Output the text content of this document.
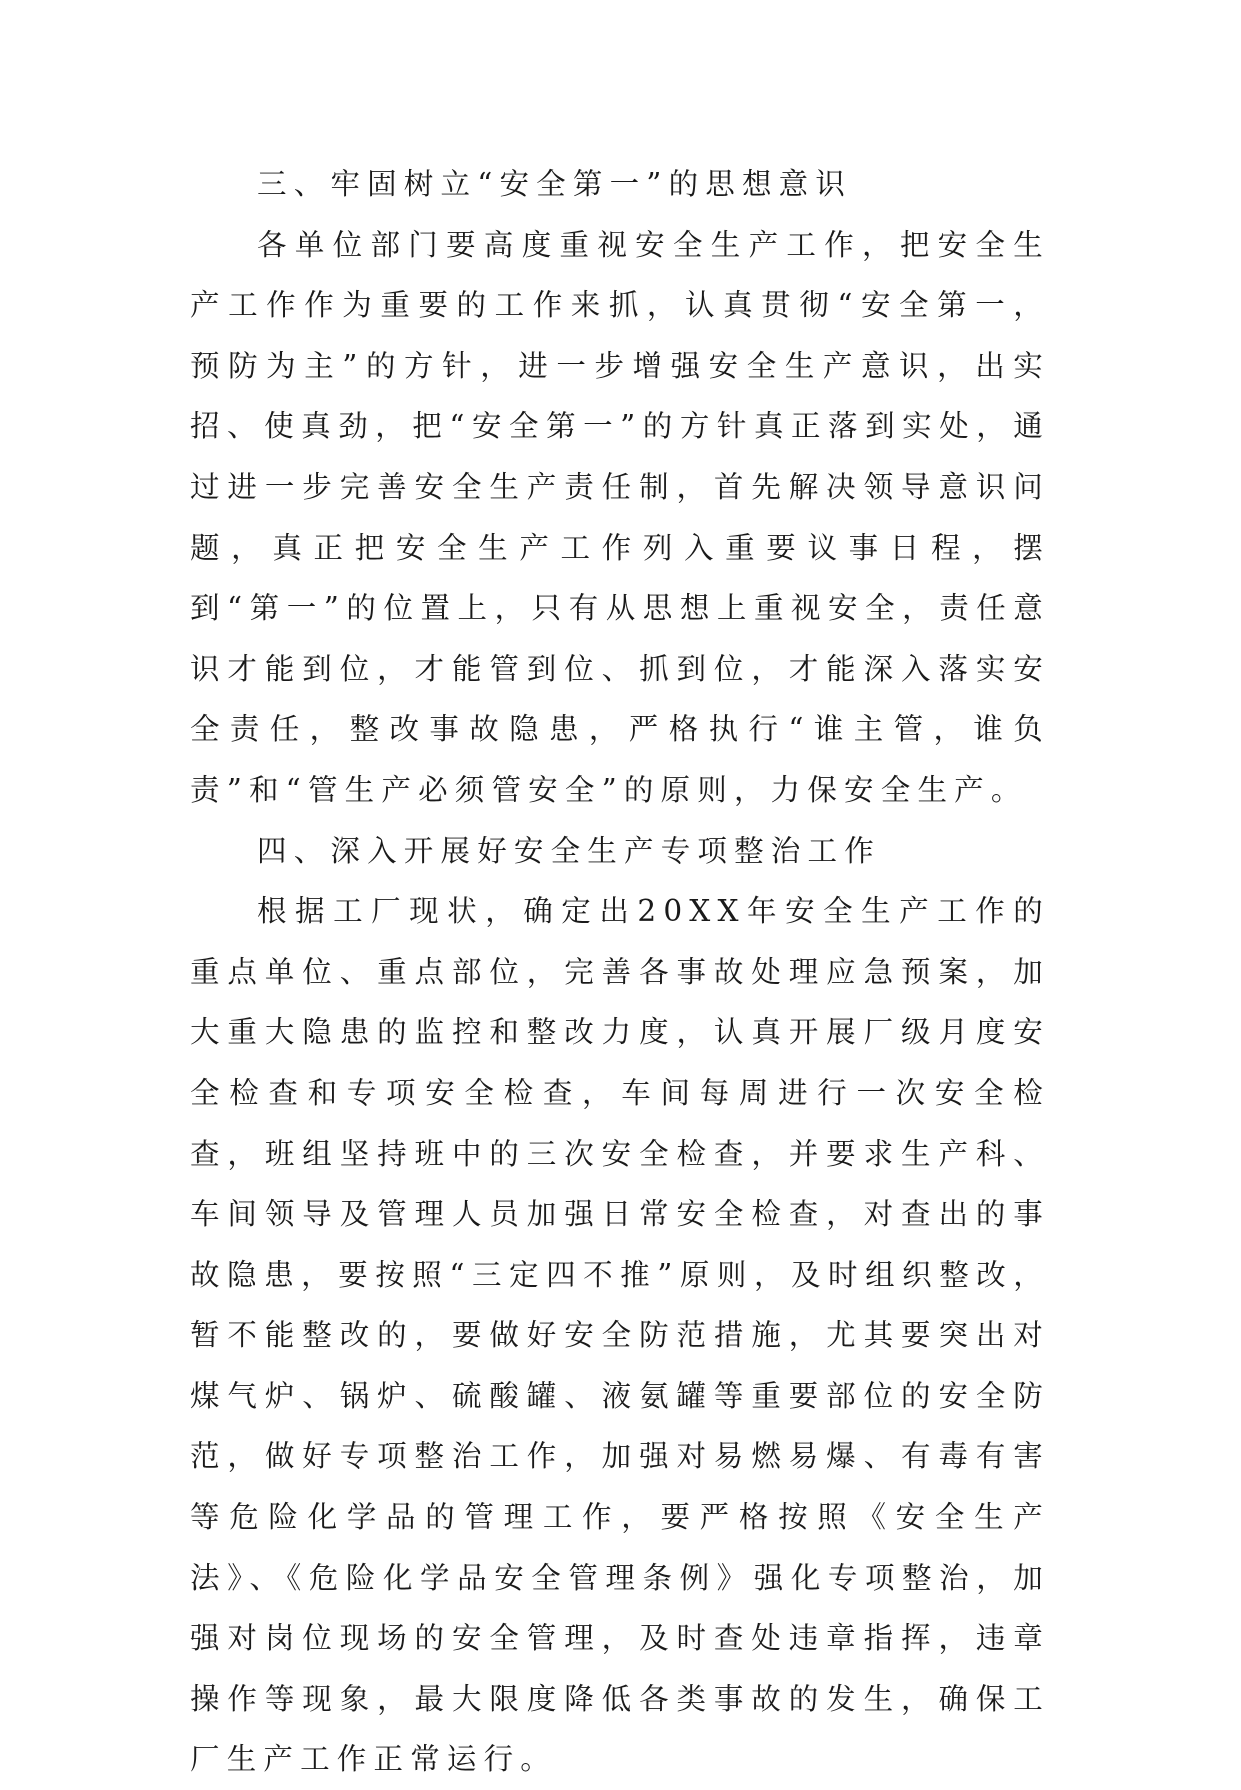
三、牢固树立“安全第一”的思想意识

各单位部门要高度重视安全生产工作，把安全生产工作作为重要的工作来抓，认真贯彻“安全第一，预防为主”的方针，进一步增强安全生产意识，出实招、使真劲，把“安全第一”的方针真正落到实处，通过进一步完善安全生产责任制，首先解决领导意识问题，真正把安全生产工作列入重要议事日程，摆到“第一”的位置上，只有从思想上重视安全，责任意识才能到位，才能管到位、抓到位，才能深入落实安全责任，整改事故隐患，严格执行“谁主管，谁负责”和“管生产必须管安全”的原则，力保安全生产。

四、深入开展好安全生产专项整治工作

根据工厂现状，确定出20XX年安全生产工作的重点单位、重点部位，完善各事故处理应急预案，加大重大隐患的监控和整改力度，认真开展厂级月度安全检查和专项安全检查，车间每周进行一次安全检查，班组坚持班中的三次安全检查，并要求生产科、车间领导及管理人员加强日常安全检查，对查出的事故隐患，要按照“三定四不推”原则，及时组织整改，暂不能整改的，要做好安全防范措施，尤其要突出对煤气炉、锅炉、硫酸罐、液氨罐等重要部位的安全防范，做好专项整治工作，加强对易燃易爆、有毒有害等危险化学品的管理工作，要严格按照《安全生产法》、《危险化学品安全管理条例》强化专项整治，加强对岗位现场的安全管理，及时查处违章指挥，违章操作等现象，最大限度降低各类事故的发生，确保工厂生产工作正常运行。
